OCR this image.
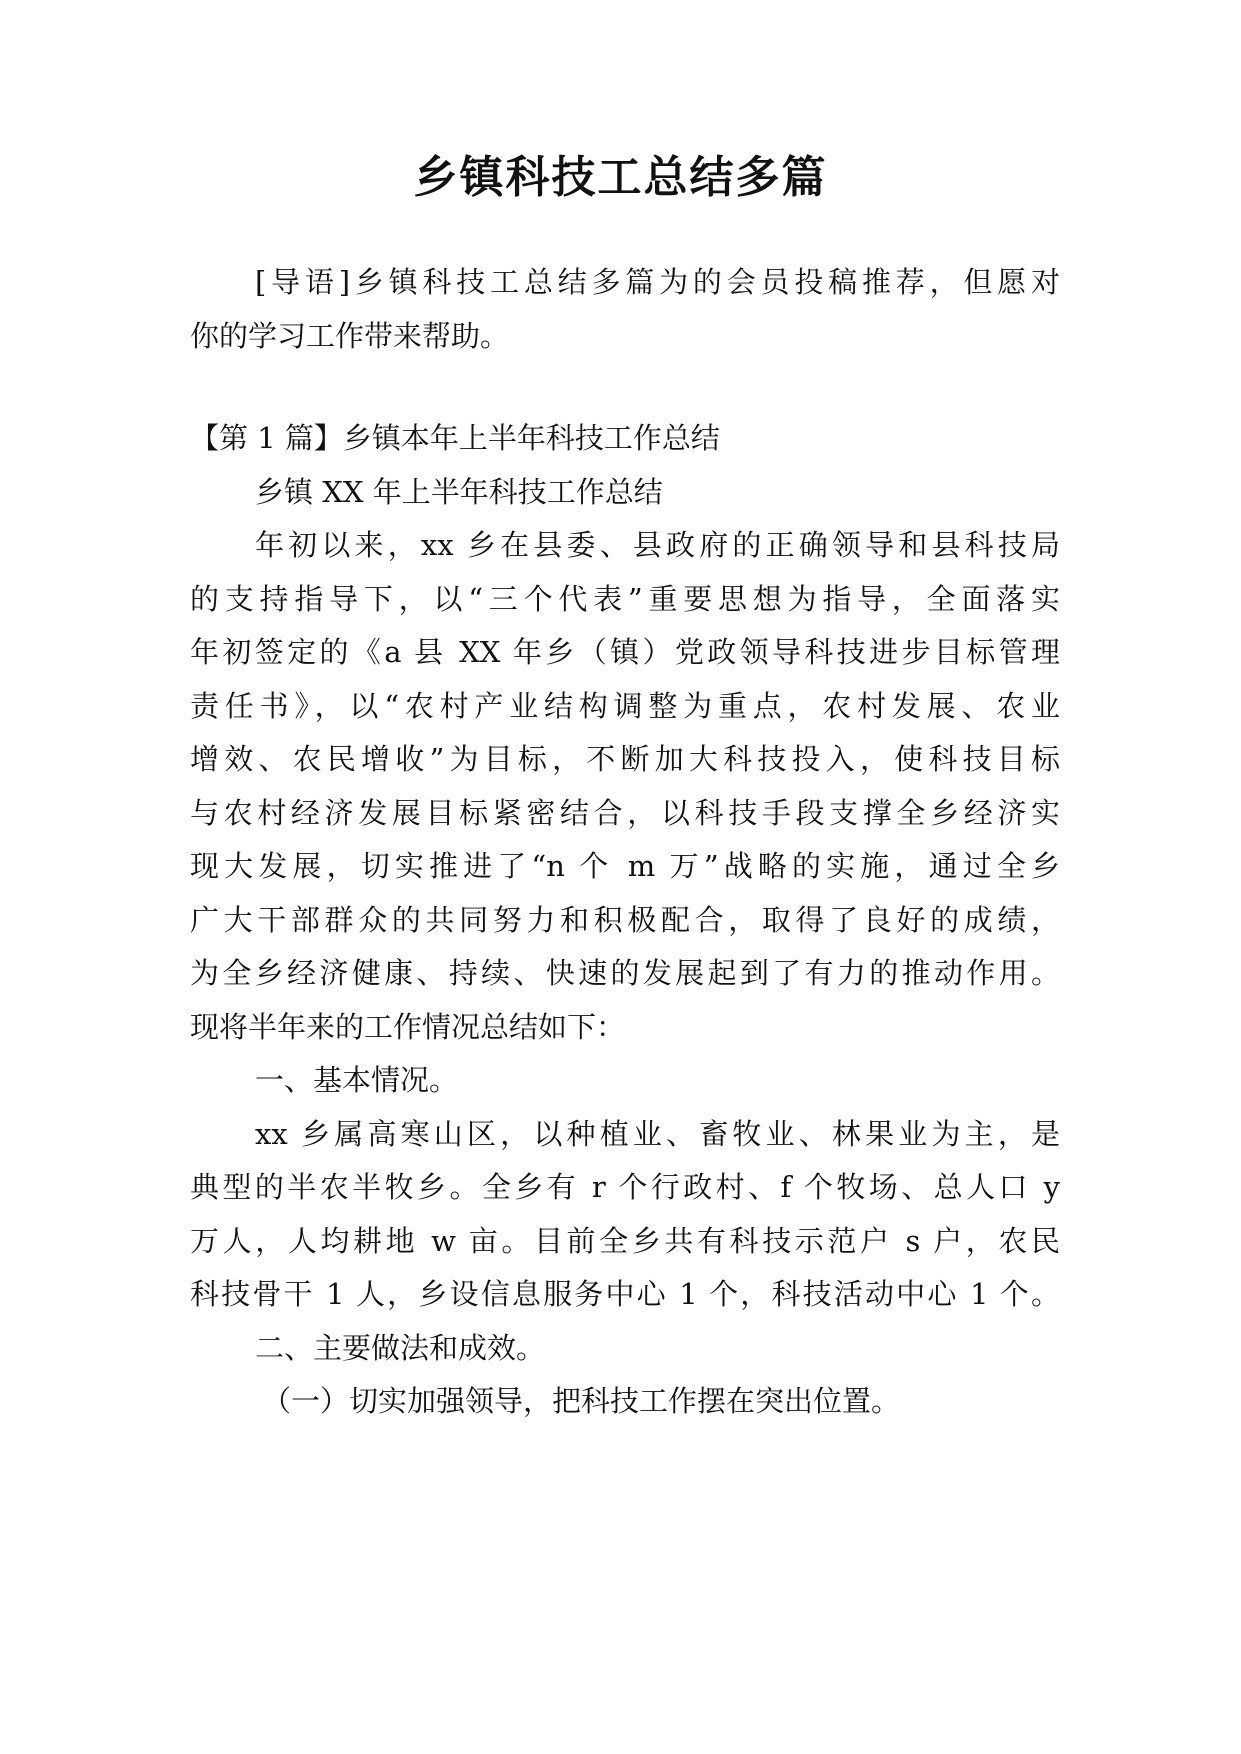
乡镇科技工总结多篇
[导语]乡镇科技工总结多篇为的会员投稿推荐，但愿对
你的学习工作带来帮助。
【第 1 篇】乡镇本年上半年科技工作总结
乡镇 XX 年上半年科技工作总结
年初以来，xx 乡在县委、县政府的正确领导和县科技局
的支持指导下，以“三个代表”重要思想为指导，全面落实
年初签定的《a 县 XX 年乡（镇）党政领导科技进步目标管理
责任书》，以“农村产业结构调整为重点，农村发展、农业
增效、农民增收”为目标，不断加大科技投入，使科技目标
与农村经济发展目标紧密结合，以科技手段支撑全乡经济实
现大发展，切实推进了“n 个 m 万”战略的实施，通过全乡
广大干部群众的共同努力和积极配合，取得了良好的成绩，
为全乡经济健康、持续、快速的发展起到了有力的推动作用。
现将半年来的工作情况总结如下：
一、基本情况。
xx 乡属高寒山区，以种植业、畜牧业、林果业为主，是
典型的半农半牧乡。全乡有 r 个行政村、f 个牧场、总人口 y
万人，人均耕地 w 亩。目前全乡共有科技示范户 s 户，农民
科技骨干 1 人，乡设信息服务中心 1 个，科技活动中心 1 个。
二、主要做法和成效。
（一）切实加强领导，把科技工作摆在突出位置。
